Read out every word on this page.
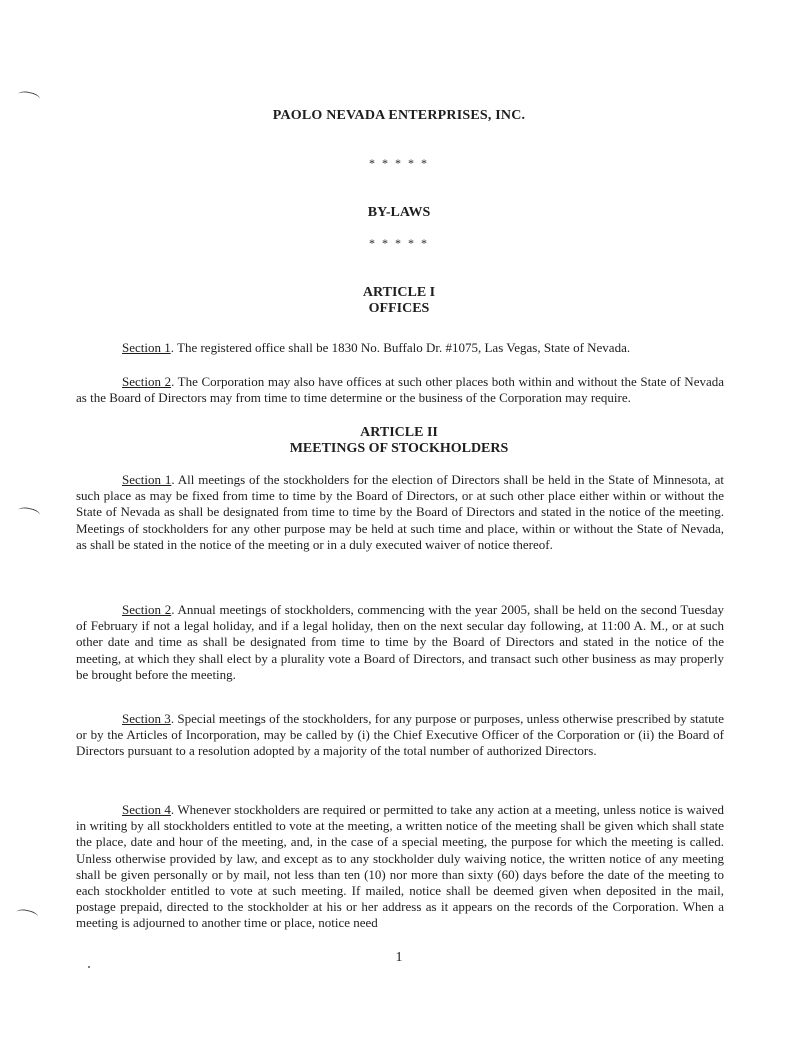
PAOLO NEVADA ENTERPRISES, INC.
* * * * *
BY-LAWS
* * * * *
ARTICLE I
OFFICES
Section 1. The registered office shall be 1830 No. Buffalo Dr. #1075, Las Vegas, State of Nevada.
Section 2. The Corporation may also have offices at such other places both within and without the State of Nevada as the Board of Directors may from time to time determine or the business of the Corporation may require.
ARTICLE II
MEETINGS OF STOCKHOLDERS
Section 1. All meetings of the stockholders for the election of Directors shall be held in the State of Minnesota, at such place as may be fixed from time to time by the Board of Directors, or at such other place either within or without the State of Nevada as shall be designated from time to time by the Board of Directors and stated in the notice of the meeting. Meetings of stockholders for any other purpose may be held at such time and place, within or without the State of Nevada, as shall be stated in the notice of the meeting or in a duly executed waiver of notice thereof.
Section 2. Annual meetings of stockholders, commencing with the year 2005, shall be held on the second Tuesday of February if not a legal holiday, and if a legal holiday, then on the next secular day following, at 11:00 A. M., or at such other date and time as shall be designated from time to time by the Board of Directors and stated in the notice of the meeting, at which they shall elect by a plurality vote a Board of Directors, and transact such other business as may properly be brought before the meeting.
Section 3. Special meetings of the stockholders, for any purpose or purposes, unless otherwise prescribed by statute or by the Articles of Incorporation, may be called by (i) the Chief Executive Officer of the Corporation or (ii) the Board of Directors pursuant to a resolution adopted by a majority of the total number of authorized Directors.
Section 4. Whenever stockholders are required or permitted to take any action at a meeting, unless notice is waived in writing by all stockholders entitled to vote at the meeting, a written notice of the meeting shall be given which shall state the place, date and hour of the meeting, and, in the case of a special meeting, the purpose for which the meeting is called. Unless otherwise provided by law, and except as to any stockholder duly waiving notice, the written notice of any meeting shall be given personally or by mail, not less than ten (10) nor more than sixty (60) days before the date of the meeting to each stockholder entitled to vote at such meeting. If mailed, notice shall be deemed given when deposited in the mail, postage prepaid, directed to the stockholder at his or her address as it appears on the records of the Corporation. When a meeting is adjourned to another time or place, notice need
1
